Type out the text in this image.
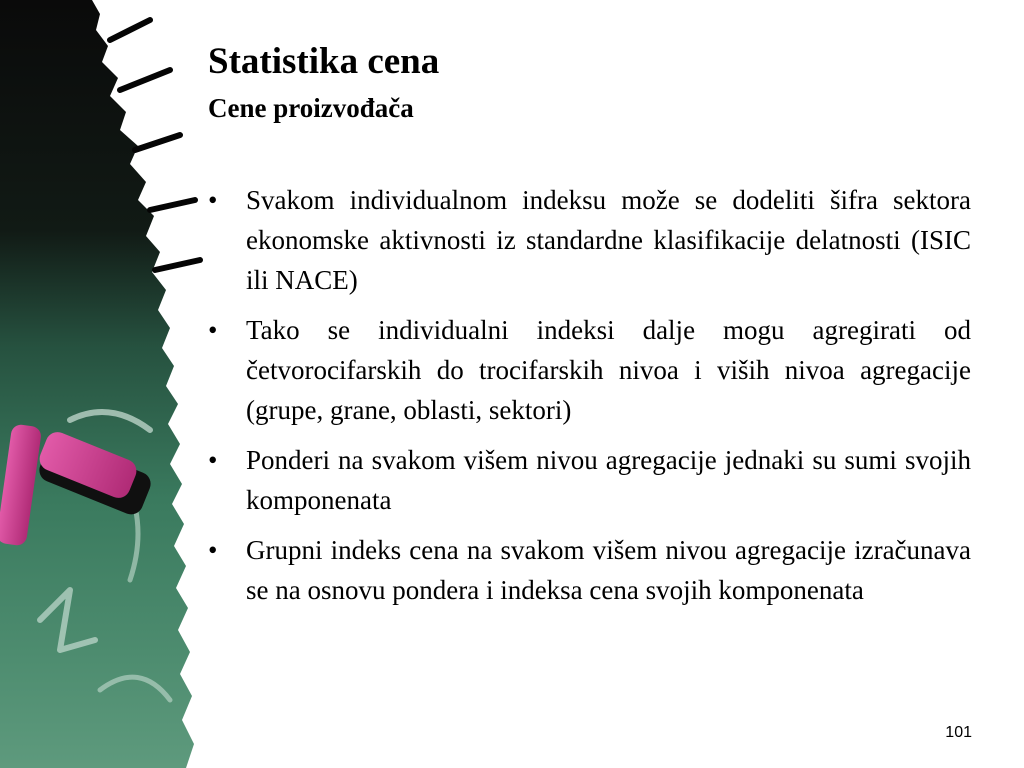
Statistika cena
Cene proizvođača
•	Svakom individualnom indeksu može se dodeliti šifra sektora ekonomske aktivnosti iz standardne klasifikacije delatnosti (ISIC ili NACE)
•	Tako se individualni indeksi dalje mogu agregirati od četvorocifarskih do trocifarskih nivoa i viših nivoa agregacije (grupe, grane, oblasti, sektori)
•	Ponderi na svakom višem nivou agregacije jednaki su sumi svojih komponenata
•	Grupni indeks cena na svakom višem nivou agregacije izračunava se na osnovu pondera i indeksa cena svojih komponenata
101
